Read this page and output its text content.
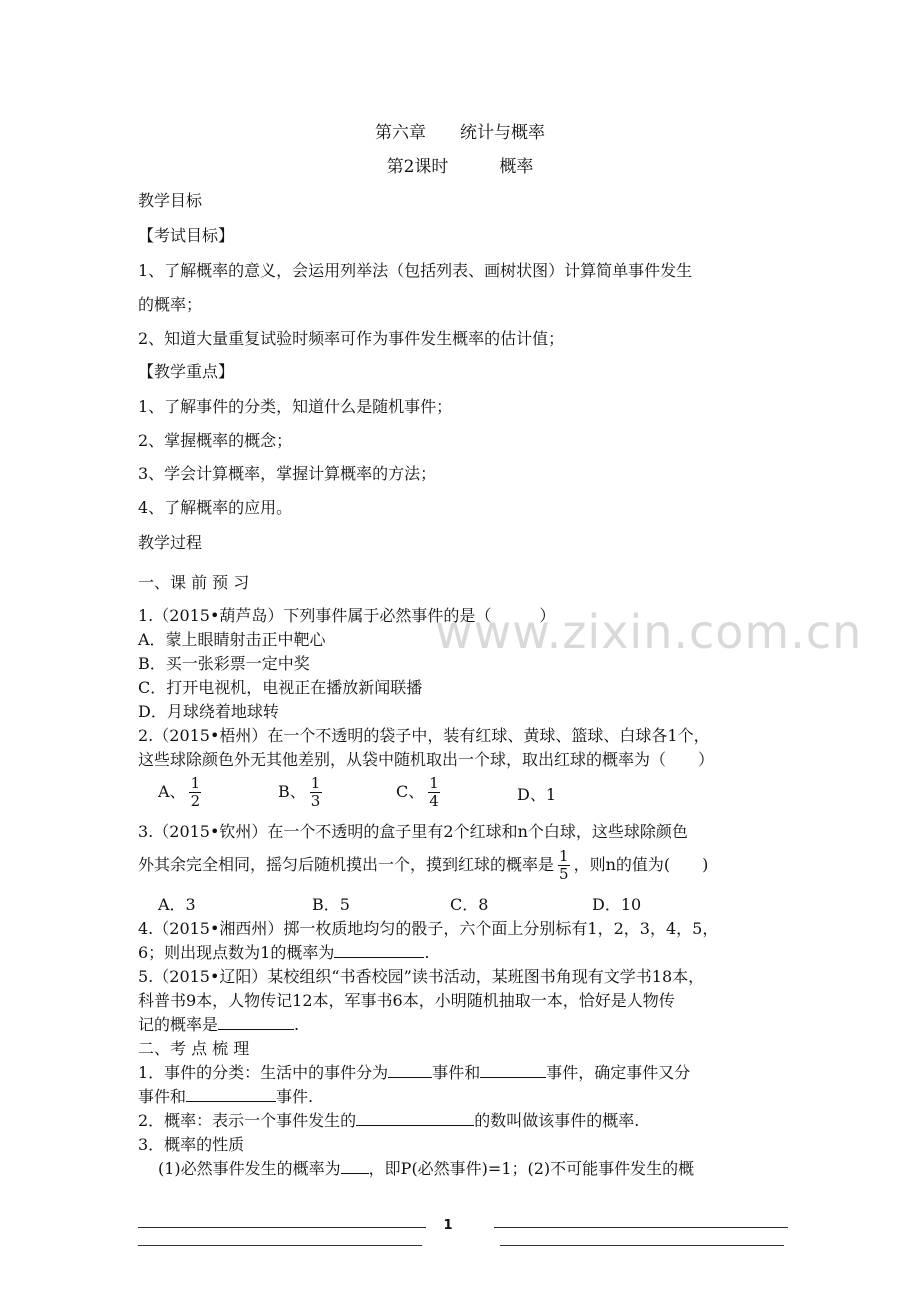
第六章　　统计与概率
第2课时　　　概率
教学目标
【考试目标】
1、了解概率的意义，会运用列举法（包括列表、画树状图）计算简单事件发生
的概率；
2、知道大量重复试验时频率可作为事件发生概率的估计值；
【教学重点】
1、了解事件的分类，知道什么是随机事件；
2、掌握概率的概念；
3、学会计算概率，掌握计算概率的方法；
4、了解概率的应用。
教学过程
一、课 前 预 习
1.（2015•葫芦岛）下列事件属于必然事件的是（　　　）
A．蒙上眼睛射击正中靶心
B．买一张彩票一定中奖
C．打开电视机，电视正在播放新闻联播
D．月球绕着地球转
2.（2015•梧州）在一个不透明的袋子中，装有红球、黄球、篮球、白球各1个，
这些球除颜色外无其他差别，从袋中随机取出一个球，取出红球的概率为（　　）
A、 $\frac{1}{2}$	B、 $\frac{1}{3}$	C、 $\frac{1}{4}$	D、1
3.（2015•钦州）在一个不透明的盒子里有2个红球和n个白球，这些球除颜色
外其余完全相同，摇匀后随机摸出一个，摸到红球的概率是 $\frac{1}{5}$ ，则n的值为(　　)
A．3	B．5	C．8	D．10
4.（2015•湘西州）掷一枚质地均匀的骰子，六个面上分别标有1，2，3，4，5，
6；则出现点数为1的概率为	.
5.（2015•辽阳）某校组织“书香校园”读书活动，某班图书角现有文学书18本，
科普书9本，人物传记12本，军事书6本，小明随机抽取一本，恰好是人物传
记的概率是	.
二、考 点 梳 理
1．事件的分类：生活中的事件分为	事件和	事件，确定事件又分
事件和	事件.
2．概率：表示一个事件发生的	的数叫做该事件的概率.
3．概率的性质
(1)必然事件发生的概率为 ，即P(必然事件)=1；(2)不可能事件发生的概
www.zixin.com.cn
1
